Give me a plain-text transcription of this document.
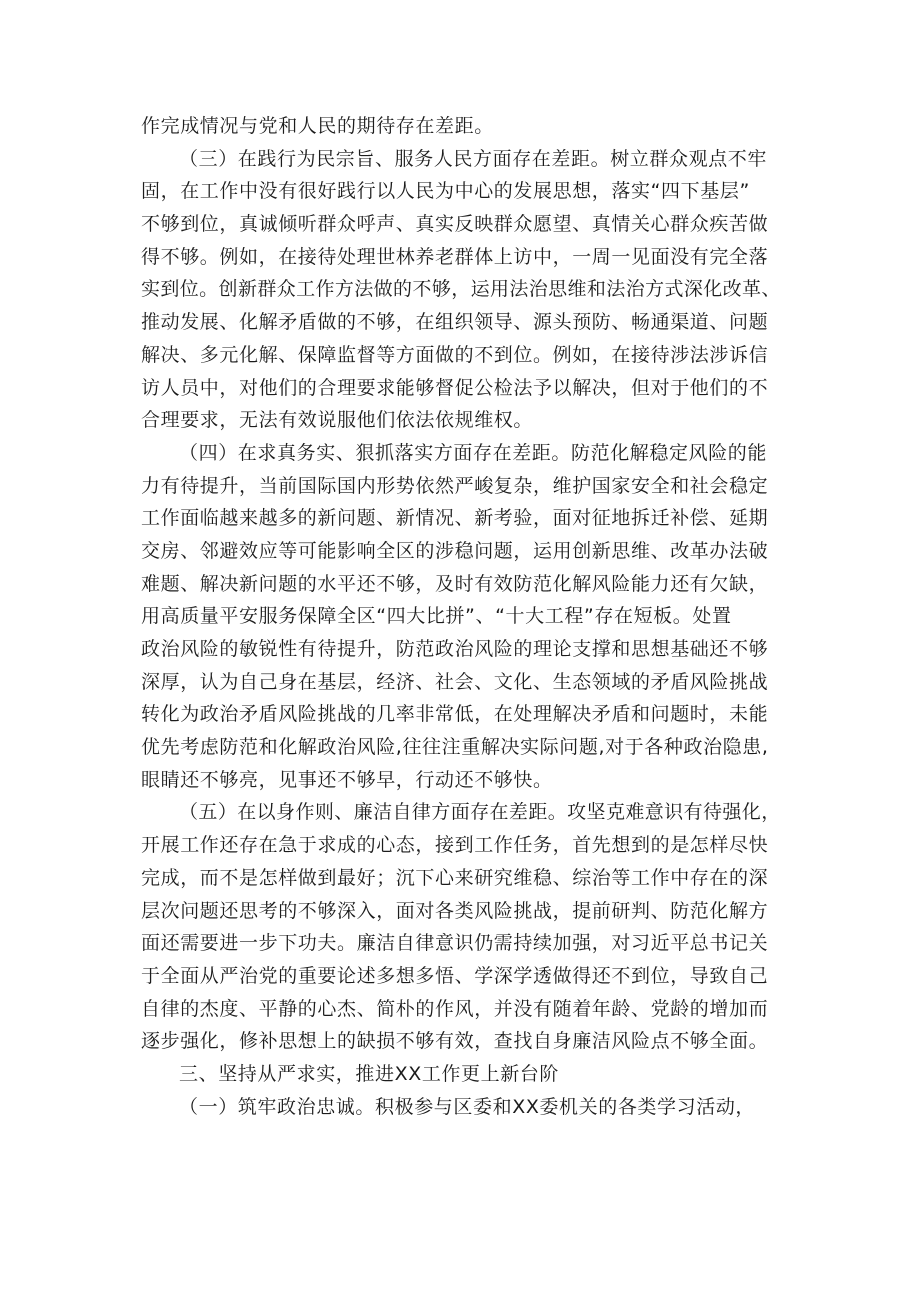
作完成情况与党和人民的期待存在差距。

（三）在践行为民宗旨、服务人民方面存在差距。树立群众观点不牢

固，在工作中没有很好践行以人民为中心的发展思想，落实“四下基层”

不够到位，真诚倾听群众呼声、真实反映群众愿望、真情关心群众疾苦做

得不够。例如，在接待处理世林养老群体上访中，一周一见面没有完全落

实到位。创新群众工作方法做的不够，运用法治思维和法治方式深化改革、

推动发展、化解矛盾做的不够，在组织领导、源头预防、畅通渠道、问题

解决、多元化解、保障监督等方面做的不到位。例如，在接待涉法涉诉信

访人员中，对他们的合理要求能够督促公检法予以解决，但对于他们的不

合理要求，无法有效说服他们依法依规维权。

（四）在求真务实、狠抓落实方面存在差距。防范化解稳定风险的能

力有待提升，当前国际国内形势依然严峻复杂，维护国家安全和社会稳定

工作面临越来越多的新问题、新情况、新考验，面对征地拆迁补偿、延期

交房、邻避效应等可能影响全区的涉稳问题，运用创新思维、改革办法破

难题、解决新问题的水平还不够，及时有效防范化解风险能力还有欠缺，

用高质量平安服务保障全区“四大比拼”、“十大工程”存在短板。处置

政治风险的敏锐性有待提升，防范政治风险的理论支撑和思想基础还不够

深厚，认为自己身在基层，经济、社会、文化、生态领域的矛盾风险挑战

转化为政治矛盾风险挑战的几率非常低，在处理解决矛盾和问题时，未能

优先考虑防范和化解政治风险,往往注重解决实际问题,对于各种政治隐患,

眼睛还不够亮，见事还不够早，行动还不够快。

（五）在以身作则、廉洁自律方面存在差距。攻坚克难意识有待强化，

开展工作还存在急于求成的心态，接到工作任务，首先想到的是怎样尽快

完成，而不是怎样做到最好；沉下心来研究维稳、综治等工作中存在的深

层次问题还思考的不够深入，面对各类风险挑战，提前研判、防范化解方

面还需要进一步下功夫。廉洁自律意识仍需持续加强，对习近平总书记关

于全面从严治党的重要论述多想多悟、学深学透做得还不到位，导致自己

自律的杰度、平静的心杰、简朴的作风，并没有随着年龄、党龄的增加而

逐步强化，修补思想上的缺损不够有效，查找自身廉洁风险点不够全面。

三、坚持从严求实，推进XX工作更上新台阶

（一）筑牢政治忠诚。积极参与区委和XX委机关的各类学习活动，
